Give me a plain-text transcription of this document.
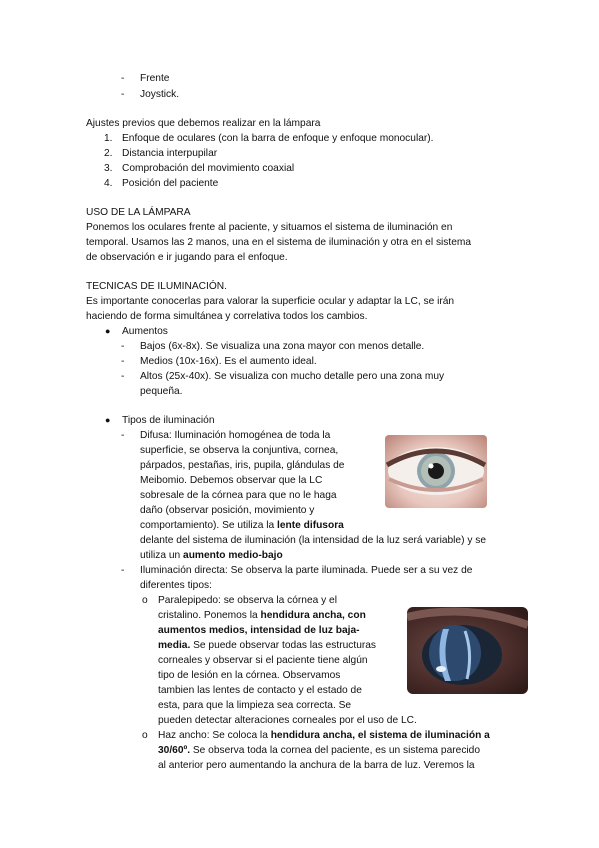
- Frente
- Joystick.
Ajustes previos que debemos realizar en la lámpara
1. Enfoque de oculares (con la barra de enfoque y enfoque monocular).
2. Distancia interpupilar
3. Comprobación del movimiento coaxial
4. Posición del paciente
USO DE LA LÁMPARA
Ponemos los oculares frente al paciente, y situamos el sistema de iluminación en
temporal. Usamos las 2 manos, una en el sistema de iluminación y otra en el sistema
de observación e ir jugando para el enfoque.
TECNICAS DE ILUMINACIÓN.
Es importante conocerlas para valorar la superficie ocular y adaptar la LC, se irán
haciendo de forma simultánea y correlativa todos los cambios.
● Aumentos
- Bajos (6x-8x). Se visualiza una zona mayor con menos detalle.
- Medios (10x-16x). Es el aumento ideal.
- Altos (25x-40x). Se visualiza con mucho detalle pero una zona muy
pequeña.
● Tipos de iluminación
- Difusa: Iluminación homogénea de toda la
superficie, se observa la conjuntiva, cornea,
párpados, pestañas, iris, pupila, glándulas de
Meibomio. Debemos observar que la LC
sobresale de la córnea para que no le haga
daño (observar posición, movimiento y
comportamiento). Se utiliza la lente difusora
delante del sistema de iluminación (la intensidad de la luz será variable) y se
utiliza un aumento medio-bajo
- Iluminación directa: Se observa la parte iluminada. Puede ser a su vez de
diferentes tipos:
o Paralepipedo: se observa la córnea y el
cristalino. Ponemos la hendidura ancha, con
aumentos medios, intensidad de luz baja-
media. Se puede observar todas las estructuras
corneales y observar si el paciente tiene algún
tipo de lesión en la córnea. Observamos
tambien las lentes de contacto y el estado de
esta, para que la limpieza sea correcta. Se
pueden detectar alteraciones corneales por el uso de LC.
o Haz ancho: Se coloca la hendidura ancha, el sistema de iluminación a
30/60º. Se observa toda la cornea del paciente, es un sistema parecido
al anterior pero aumentando la anchura de la barra de luz. Veremos la
